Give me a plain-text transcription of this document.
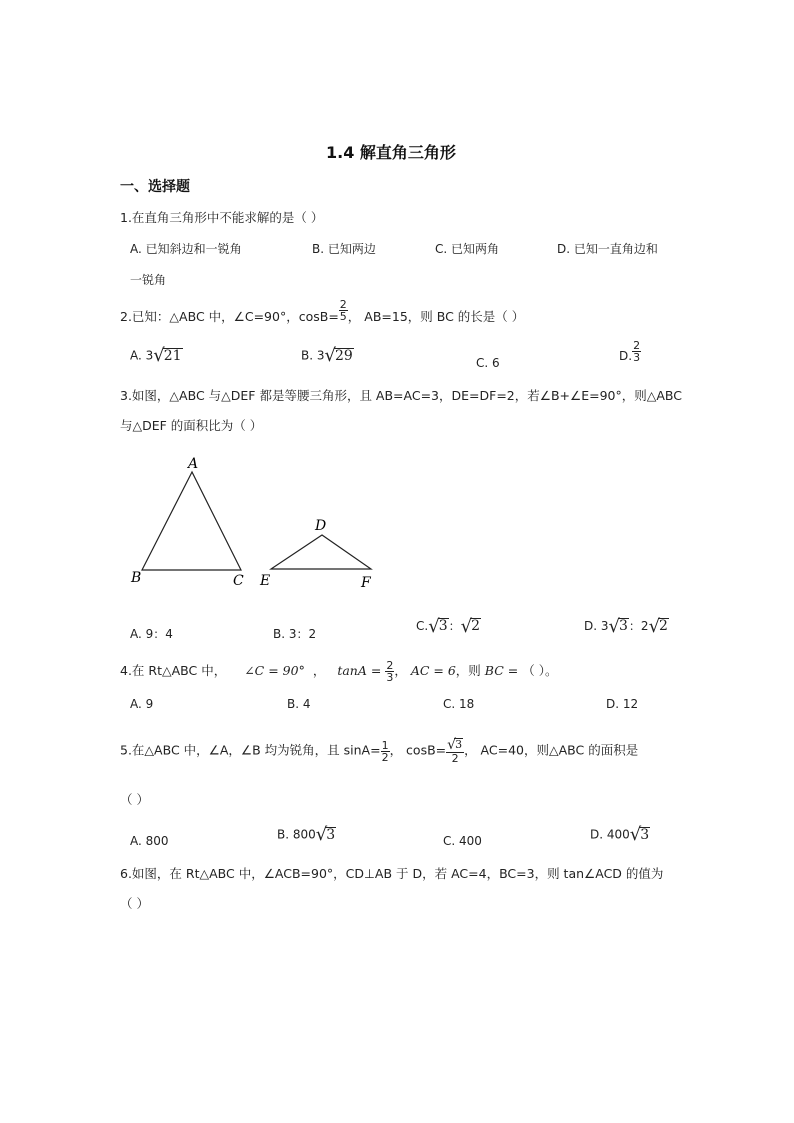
1.4 解直角三角形
一、选择题
1.在直角三角形中不能求解的是（ ）
A. 已知斜边和一锐角	B. 已知两边	C. 已知两角	D. 已知一直角边和
一锐角
2.已知：△ABC 中，∠C=90°，$\cos B= \frac{2}{5}$ ， AB=15，则 BC 的长是（ ）
A. 3√21	B. 3√29	C. 6	D. $\frac{2}{3}$
3.如图，△ABC 与△DEF 都是等腰三角形，且 AB=AC=3，DE=DF=2，若∠B+∠E=90°，则△ABC
与△DEF 的面积比为（ ）
A
B	C
D
E	F
A. 9：4	B. 3：2
C.√3：√2	D. 3√3：2√2
4.在 Rt△ABC 中， ∠C = 90° ， $\tan A = \frac{2}{3}$ ， AC = 6，则 BC = （ ）。
A. 9	B. 4	C. 18	D. 12
5.在△ABC 中，∠A，∠B 均为锐角，且 $\sin A= \frac{1}{2}$ ， $\cos B= \frac{√3}{2}$ ， AC=40，则△ABC 的面积是
（ ）
A. 800	B. 800√3	C. 400	D. 400√3
6.如图，在 Rt△ABC 中，∠ACB=90°，CD⊥AB 于 D，若 AC=4，BC=3，则 tan∠ACD 的值为
（ ）
